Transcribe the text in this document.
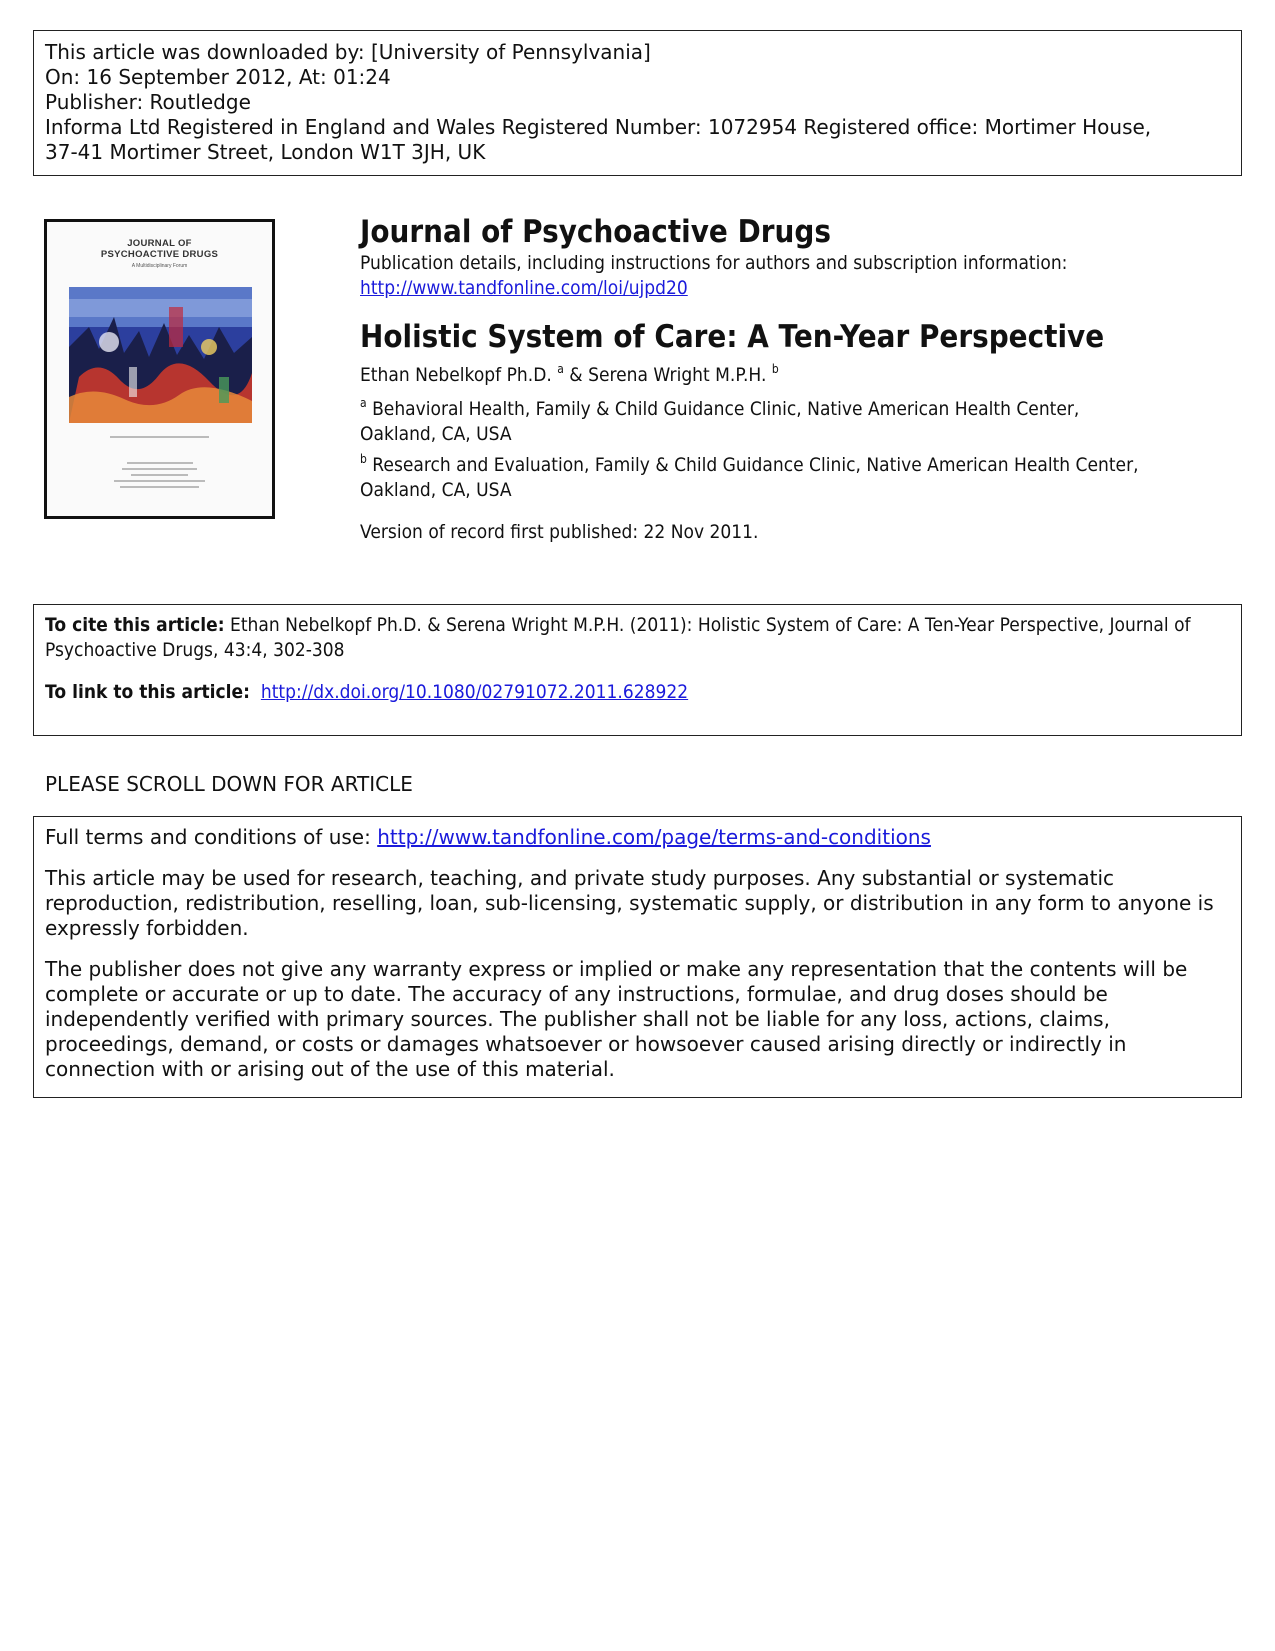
This article was downloaded by: [University of Pennsylvania]
On: 16 September 2012, At: 01:24
Publisher: Routledge
Informa Ltd Registered in England and Wales Registered Number: 1072954 Registered office: Mortimer House,
37-41 Mortimer Street, London W1T 3JH, UK
JOURNAL OF
PSYCHOACTIVE DRUGS
A Multidisciplinary Forum
Journal of Psychoactive Drugs
Publication details, including instructions for authors and subscription information:
http://www.tandfonline.com/loi/ujpd20
Holistic System of Care: A Ten-Year Perspective
Ethan Nebelkopf Ph.D. $^a$ & Serena Wright M.P.H. $^b$
$^a$ Behavioral Health, Family & Child Guidance Clinic, Native American Health Center,
Oakland, CA, USA
$^b$ Research and Evaluation, Family & Child Guidance Clinic, Native American Health Center,
Oakland, CA, USA
Version of record first published: 22 Nov 2011.
To cite this article: Ethan Nebelkopf Ph.D. & Serena Wright M.P.H. (2011): Holistic System of Care: A Ten-Year Perspective, Journal of Psychoactive Drugs, 43:4, 302-308
To link to this article: http://dx.doi.org/10.1080/02791072.2011.628922
PLEASE SCROLL DOWN FOR ARTICLE

Full terms and conditions of use: http://www.tandfonline.com/page/terms-and-conditions

This article may be used for research, teaching, and private study purposes. Any substantial or systematic reproduction, redistribution, reselling, loan, sub-licensing, systematic supply, or distribution in any form to anyone is expressly forbidden.

The publisher does not give any warranty express or implied or make any representation that the contents will be complete or accurate or up to date. The accuracy of any instructions, formulae, and drug doses should be independently verified with primary sources. The publisher shall not be liable for any loss, actions, claims, proceedings, demand, or costs or damages whatsoever or howsoever caused arising directly or indirectly in connection with or arising out of the use of this material.
